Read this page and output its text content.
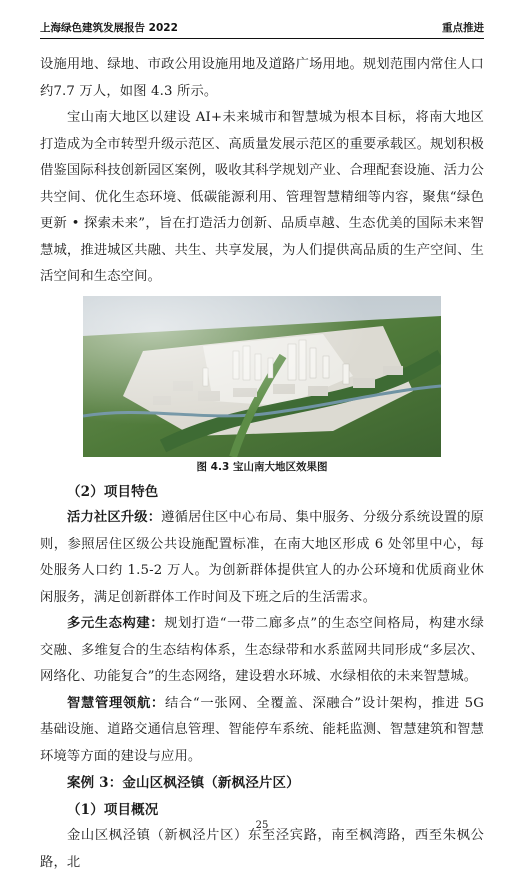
上海绿色建筑发展报告 2022	重点推进

设施用地、绿地、市政公用设施用地及道路广场用地。规划范围内常住人口约7.7 万人，如图 4.3 所示。

宝山南大地区以建设 AI+未来城市和智慧城为根本目标，将南大地区打造成为全市转型升级示范区、高质量发展示范区的重要承载区。规划积极借鉴国际科技创新园区案例，吸收其科学规划产业、合理配套设施、活力公共空间、优化生态环境、低碳能源利用、管理智慧精细等内容，聚焦“绿色更新 • 探索未来”，旨在打造活力创新、品质卓越、生态优美的国际未来智慧城，推进城区共融、共生、共享发展，为人们提供高品质的生产空间、生活空间和生态空间。

图 4.3 宝山南大地区效果图

（2）项目特色

活力社区升级：遵循居住区中心布局、集中服务、分级分系统设置的原则，参照居住区级公共设施配置标准，在南大地区形成 6 处邻里中心，每处服务人口约 1.5-2 万人。为创新群体提供宜人的办公环境和优质商业休闲服务，满足创新群体工作时间及下班之后的生活需求。

多元生态构建：规划打造“一带二廊多点”的生态空间格局，构建水绿交融、多维复合的生态结构体系，生态绿带和水系蓝网共同形成“多层次、网络化、功能复合”的生态网络，建设碧水环城、水绿相依的未来智慧城。

智慧管理领航：结合“一张网、全覆盖、深融合”设计架构，推进 5G 基础设施、道路交通信息管理、智能停车系统、能耗监测、智慧建筑和智慧环境等方面的建设与应用。

案例 3：金山区枫泾镇（新枫泾片区）

（1）项目概况

金山区枫泾镇（新枫泾片区）东至泾宾路，南至枫湾路，西至朱枫公路，北

25
